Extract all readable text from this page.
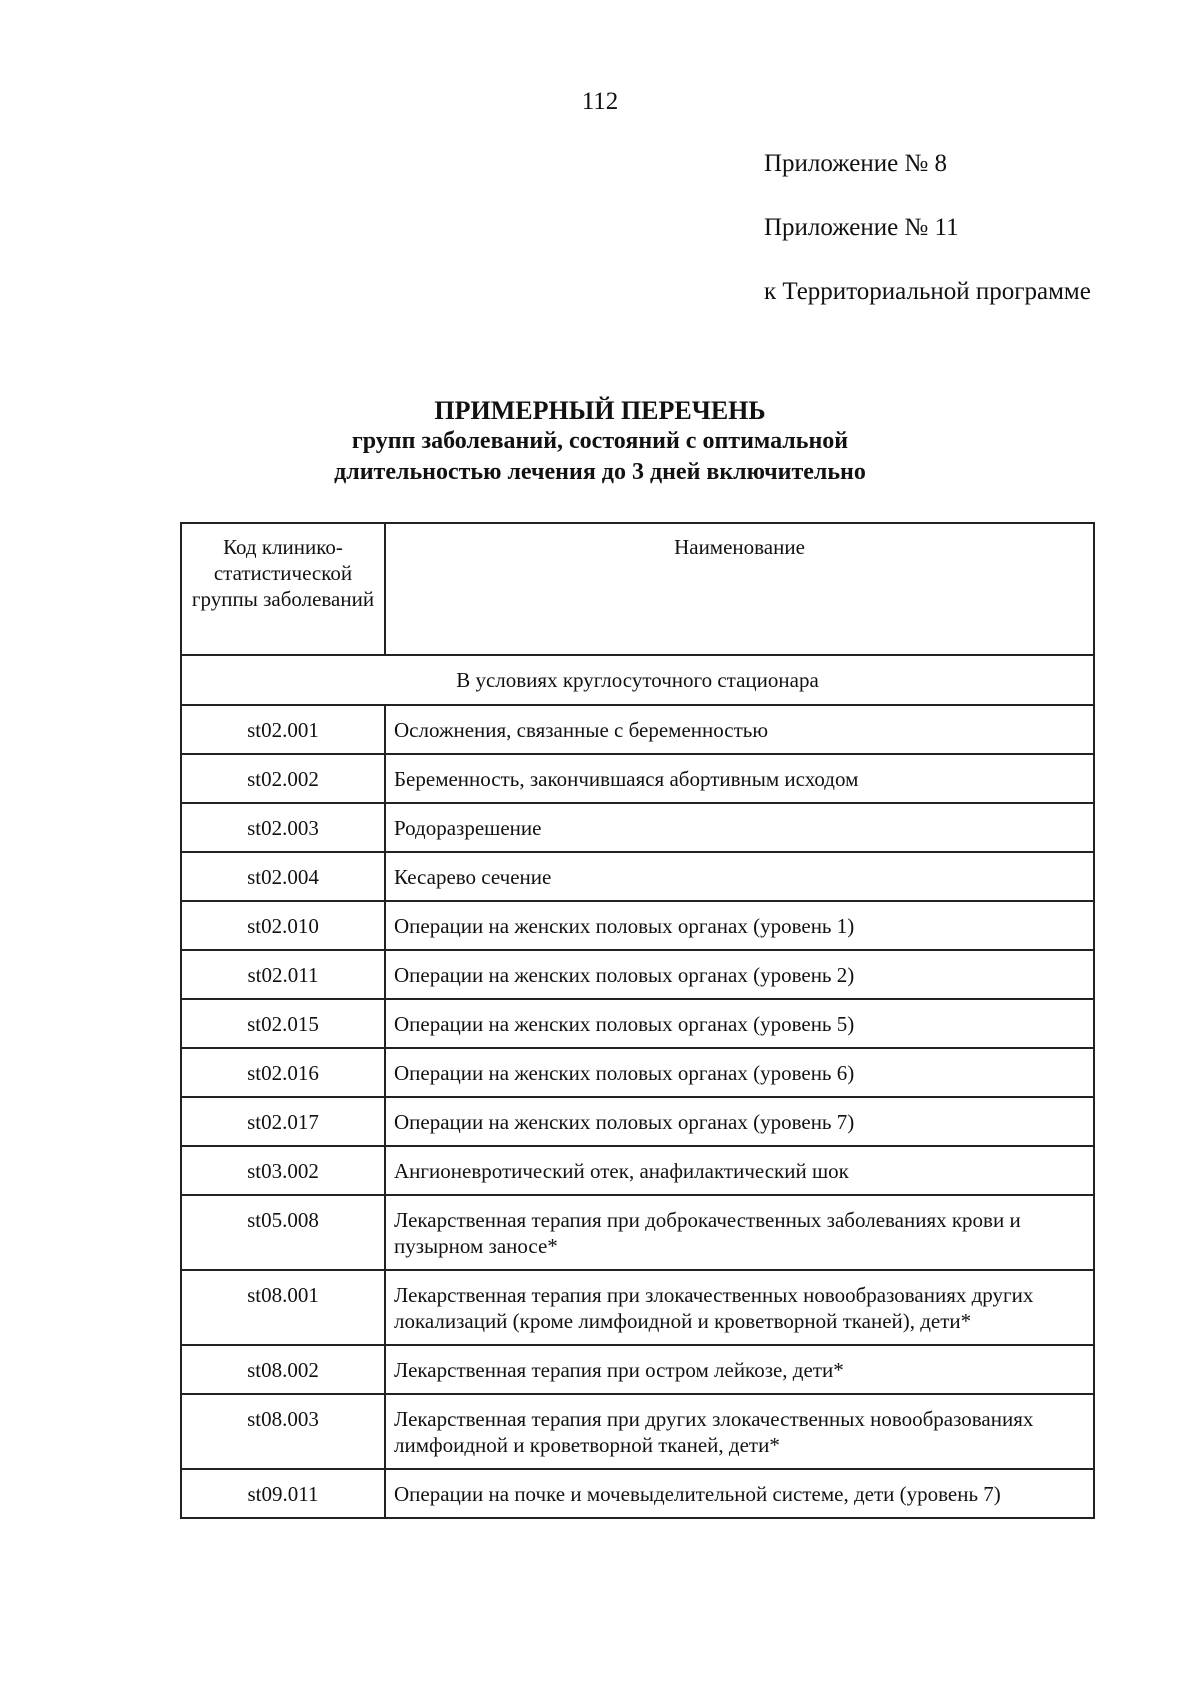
112
Приложение № 8
Приложение № 11
к Территориальной программе
ПРИМЕРНЫЙ ПЕРЕЧЕНЬ
групп заболеваний, состояний с оптимальной
длительностью лечения до 3 дней включительно
Код клинико-статистической группы заболеваний	Наименование
В условиях круглосуточного стационара	
st02.001	Осложнения, связанные с беременностью
st02.002	Беременность, закончившаяся абортивным исходом
st02.003	Родоразрешение
st02.004	Кесарево сечение
st02.010	Операции на женских половых органах (уровень 1)
st02.011	Операции на женских половых органах (уровень 2)
st02.015	Операции на женских половых органах (уровень 5)
st02.016	Операции на женских половых органах (уровень 6)
st02.017	Операции на женских половых органах (уровень 7)
st03.002	Ангионевротический отек, анафилактический шок
st05.008	Лекарственная терапия при доброкачественных заболеваниях крови и пузырном заносе*
st08.001	Лекарственная терапия при злокачественных новообразованиях других локализаций (кроме лимфоидной и кроветворной тканей), дети*
st08.002	Лекарственная терапия при остром лейкозе, дети*
st08.003	Лекарственная терапия при других злокачественных новообразованиях лимфоидной и кроветворной тканей, дети*
st09.011	Операции на почке и мочевыделительной системе, дети (уровень 7)
